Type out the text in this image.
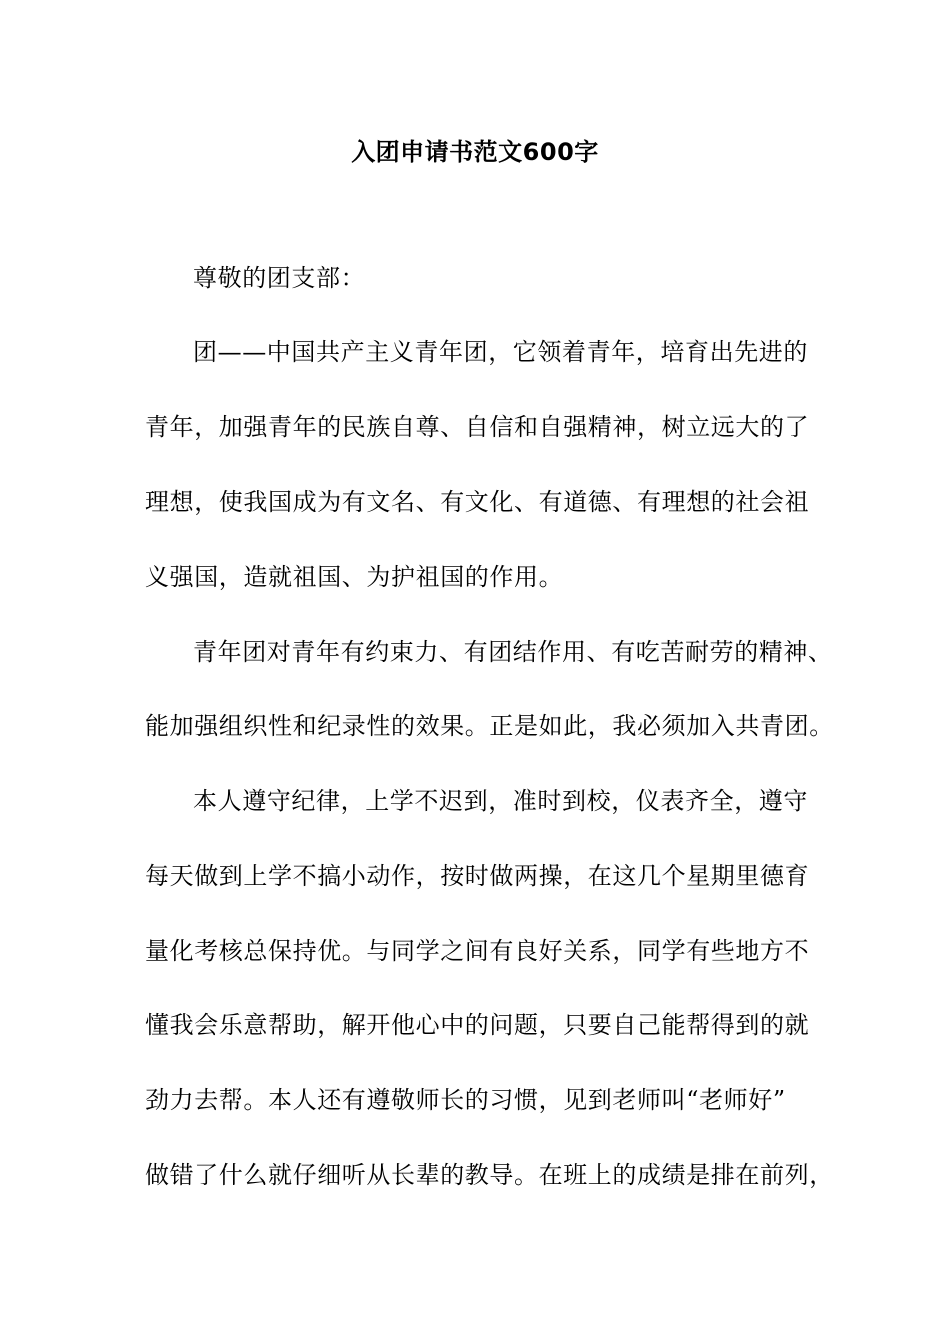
入团申请书范文600字
尊敬的团支部：
团——中国共产主义青年团，它领着青年，培育出先进的
青年，加强青年的民族自尊、自信和自强精神，树立远大的了
理想，使我国成为有文名、有文化、有道德、有理想的社会祖
义强国，造就祖国、为护祖国的作用。
青年团对青年有约束力、有团结作用、有吃苦耐劳的精神、
能加强组织性和纪录性的效果。正是如此，我必须加入共青团。
本人遵守纪律，上学不迟到，准时到校，仪表齐全，遵守
每天做到上学不搞小动作，按时做两操，在这几个星期里德育
量化考核总保持优。与同学之间有良好关系，同学有些地方不
懂我会乐意帮助，解开他心中的问题，只要自己能帮得到的就
劲力去帮。本人还有遵敬师长的习惯，见到老师叫“老师好”
做错了什么就仔细听从长辈的教导。在班上的成绩是排在前列，
